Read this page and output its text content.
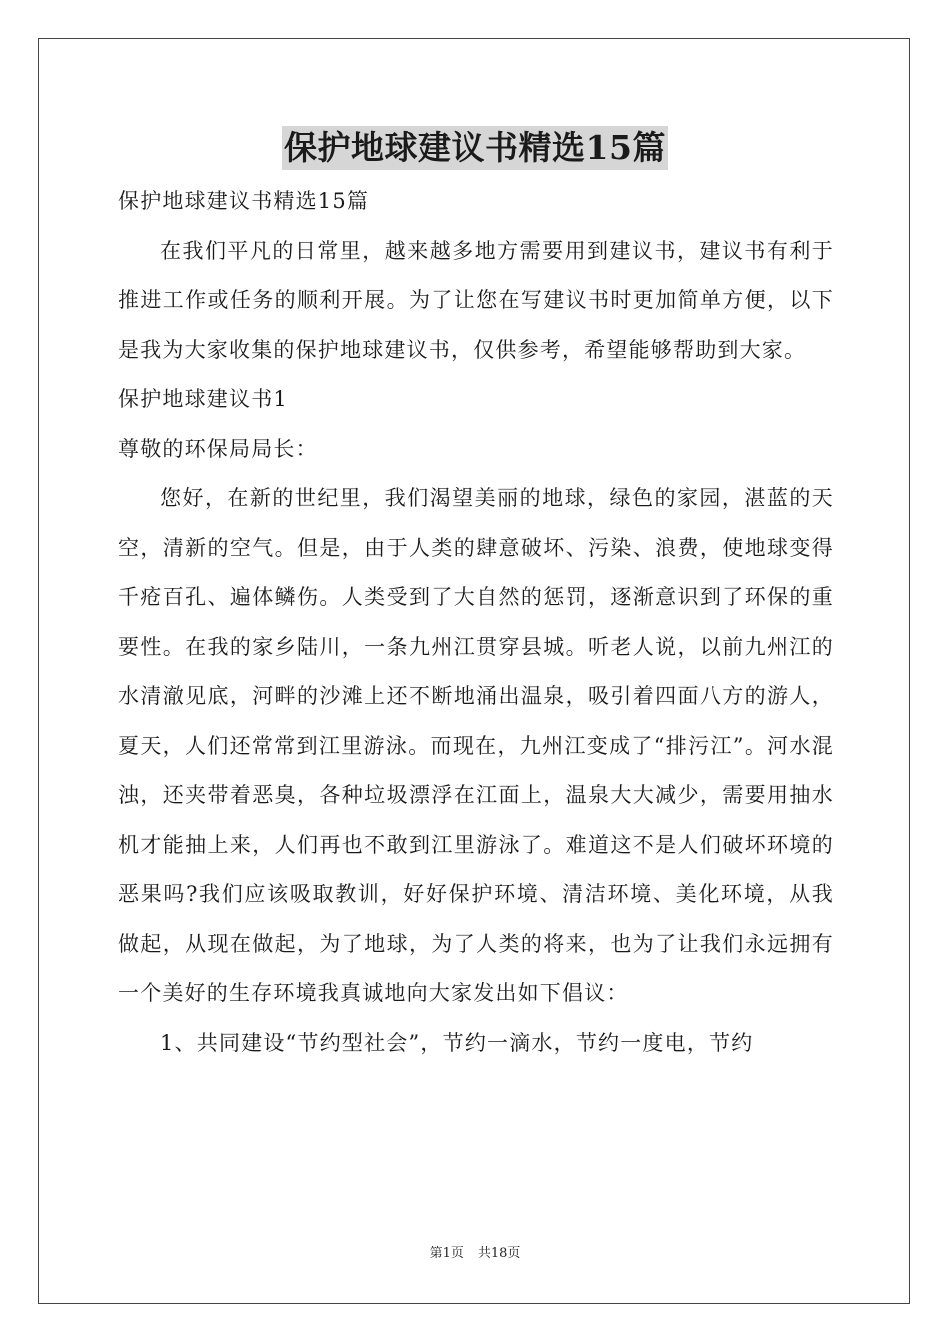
保护地球建议书精选15篇

保护地球建议书精选15篇

在我们平凡的日常里，越来越多地方需要用到建议书，建议书有利于推进工作或任务的顺利开展。为了让您在写建议书时更加简单方便，以下是我为大家收集的保护地球建议书，仅供参考，希望能够帮助到大家。

保护地球建议书1

尊敬的环保局局长：

您好，在新的世纪里，我们渴望美丽的地球，绿色的家园，湛蓝的天空，清新的空气。但是，由于人类的肆意破坏、污染、浪费，使地球变得千疮百孔、遍体鳞伤。人类受到了大自然的惩罚，逐渐意识到了环保的重要性。在我的家乡陆川，一条九州江贯穿县城。听老人说，以前九州江的水清澈见底，河畔的沙滩上还不断地涌出温泉，吸引着四面八方的游人，夏天，人们还常常到江里游泳。而现在，九州江变成了“排污江”。河水混浊，还夹带着恶臭，各种垃圾漂浮在江面上，温泉大大减少，需要用抽水机才能抽上来，人们再也不敢到江里游泳了。难道这不是人们破坏环境的恶果吗?我们应该吸取教训，好好保护环境、清洁环境、美化环境，从我做起，从现在做起，为了地球，为了人类的将来，也为了让我们永远拥有一个美好的生存环境我真诚地向大家发出如下倡议：

1、共同建设“节约型社会”，节约一滴水，节约一度电，节约

第1页 共18页
